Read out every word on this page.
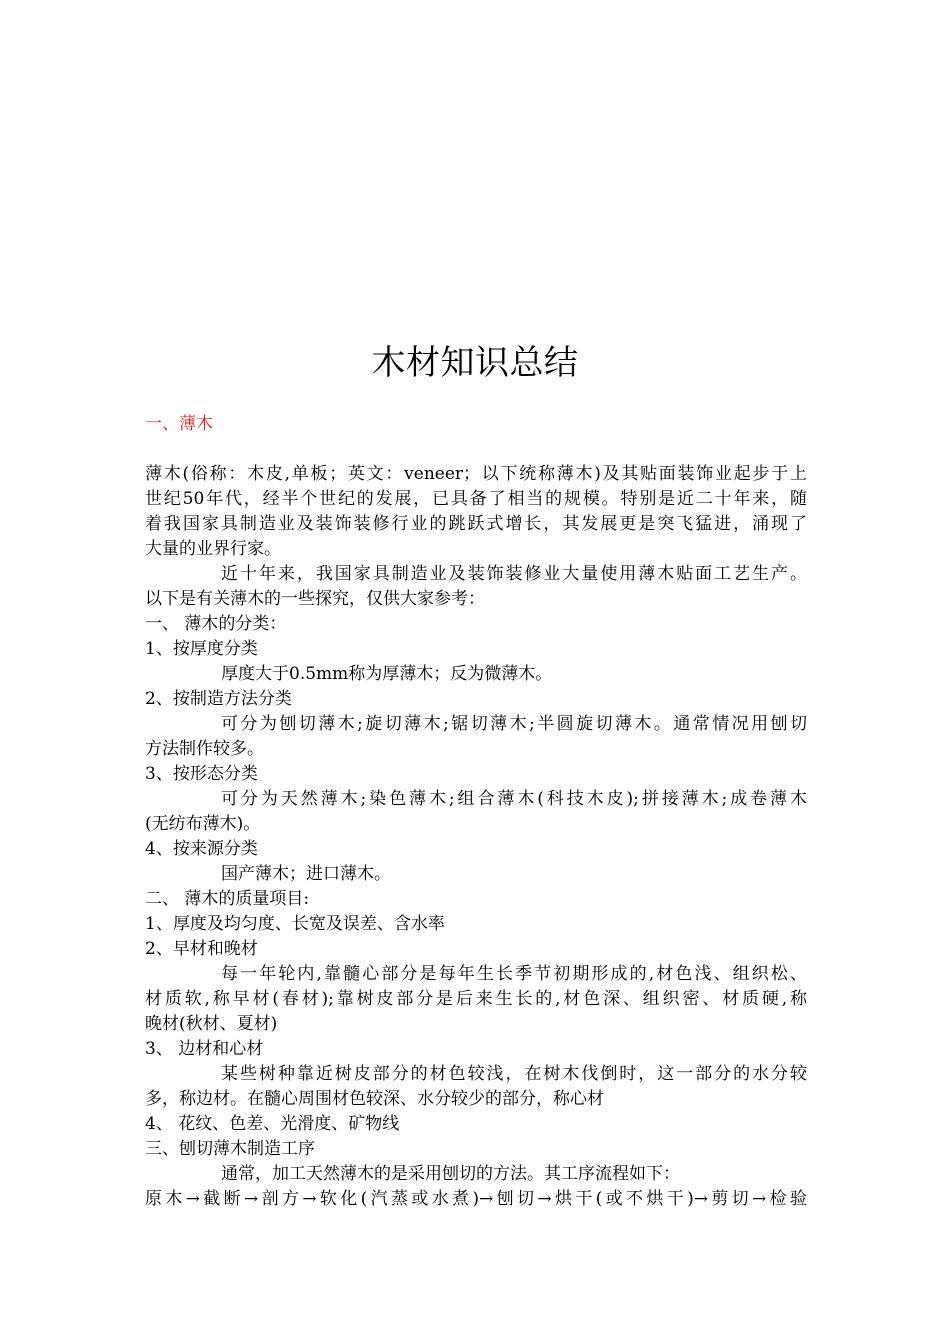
木材知识总结
一、薄木
薄木(俗称：木皮,单板；英文：veneer；以下统称薄木)及其贴面装饰业起步于上
世纪50年代，经半个世纪的发展，已具备了相当的规模。特别是近二十年来，随
着我国家具制造业及装饰装修行业的跳跃式增长，其发展更是突飞猛进，涌现了
大量的业界行家。
近十年来，我国家具制造业及装饰装修业大量使用薄木贴面工艺生产。
以下是有关薄木的一些探究，仅供大家参考：
一、 薄木的分类：
1、按厚度分类
厚度大于0.5mm称为厚薄木；反为微薄木。
2、按制造方法分类
可分为刨切薄木;旋切薄木;锯切薄木;半圆旋切薄木。通常情况用刨切
方法制作较多。
3、按形态分类
可分为天然薄木;染色薄木;组合薄木(科技木皮);拼接薄木;成卷薄木
(无纺布薄木)。
4、按来源分类
国产薄木；进口薄木。
二、 薄木的质量项目:
1、厚度及均匀度、长宽及误差、含水率
2、早材和晚材
每一年轮内,靠髓心部分是每年生长季节初期形成的,材色浅、组织松、
材质软,称早材(春材);靠树皮部分是后来生长的,材色深、组织密、材质硬,称
晚材(秋材、夏材)
3、 边材和心材
某些树种靠近树皮部分的材色较浅，在树木伐倒时，这一部分的水分较
多，称边材。在髓心周围材色较深、水分较少的部分，称心材
4、 花纹、色差、光滑度、矿物线
三、刨切薄木制造工序
通常，加工天然薄木的是采用刨切的方法。其工序流程如下：
原木→截断→剖方→软化(汽蒸或水煮)→刨切→烘干(或不烘干)→剪切→检验
